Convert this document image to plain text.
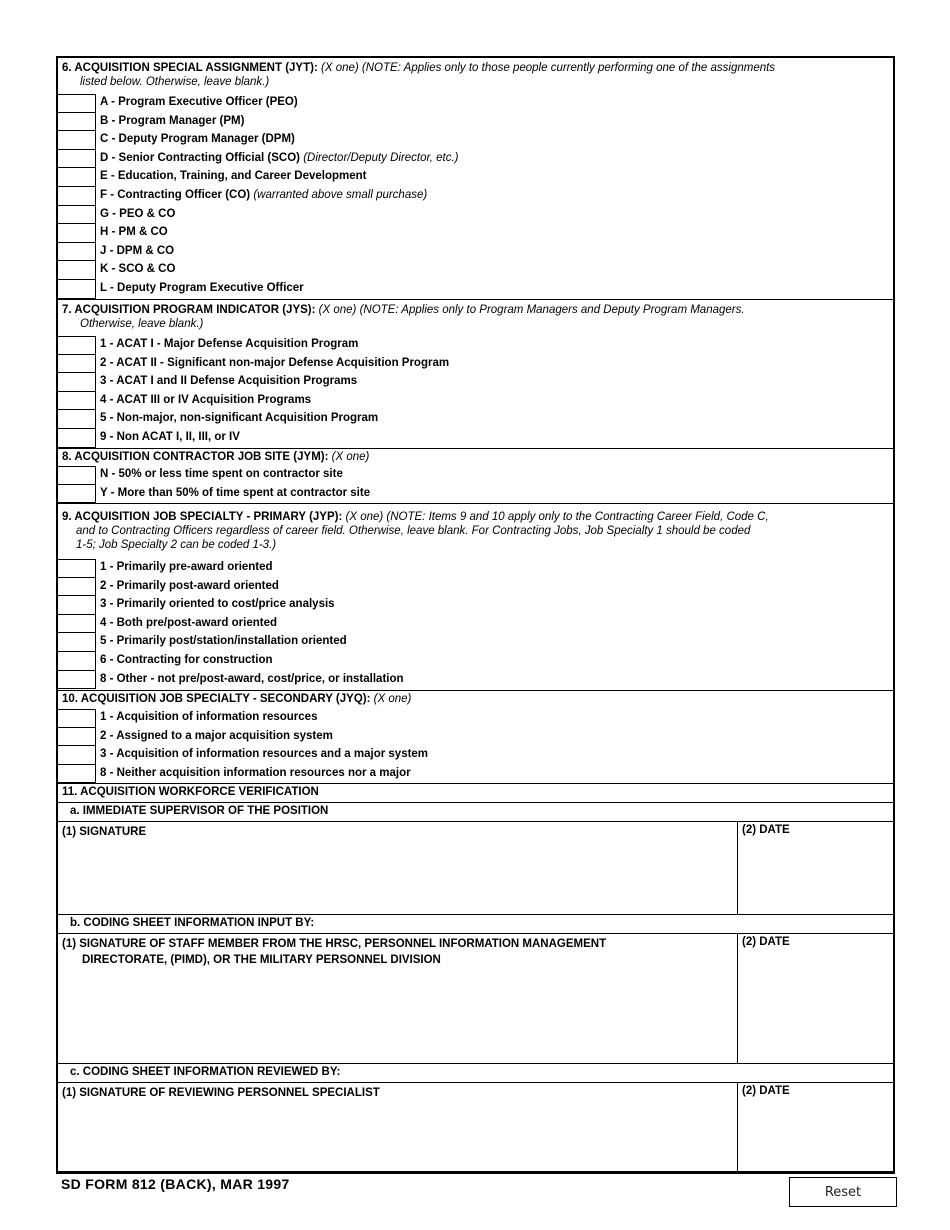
6. ACQUISITION SPECIAL ASSIGNMENT (JYT): (X one) (NOTE: Applies only to those people currently performing one of the assignments
listed below. Otherwise, leave blank.)
A - Program Executive Officer (PEO)
B - Program Manager (PM)
C - Deputy Program Manager (DPM)
D - Senior Contracting Official (SCO) (Director/Deputy Director, etc.)
E - Education, Training, and Career Development
F - Contracting Officer (CO) (warranted above small purchase)
G - PEO & CO
H - PM & CO
J - DPM & CO
K - SCO & CO
L - Deputy Program Executive Officer
7. ACQUISITION PROGRAM INDICATOR (JYS): (X one) (NOTE: Applies only to Program Managers and Deputy Program Managers.
Otherwise, leave blank.)
1 - ACAT I - Major Defense Acquisition Program
2 - ACAT II - Significant non-major Defense Acquisition Program
3 - ACAT I and II Defense Acquisition Programs
4 - ACAT III or IV Acquisition Programs
5 - Non-major, non-significant Acquisition Program
9 - Non ACAT I, II, III, or IV
8. ACQUISITION CONTRACTOR JOB SITE (JYM): (X one)
N - 50% or less time spent on contractor site
Y - More than 50% of time spent at contractor site
9. ACQUISITION JOB SPECIALTY - PRIMARY (JYP): (X one) (NOTE: Items 9 and 10 apply only to the Contracting Career Field, Code C,
and to Contracting Officers regardless of career field. Otherwise, leave blank. For Contracting Jobs, Job Specialty 1 should be coded
1-5; Job Specialty 2 can be coded 1-3.)
1 - Primarily pre-award oriented
2 - Primarily post-award oriented
3 - Primarily oriented to cost/price analysis
4 - Both pre/post-award oriented
5 - Primarily post/station/installation oriented
6 - Contracting for construction
8 - Other - not pre/post-award, cost/price, or installation
10. ACQUISITION JOB SPECIALTY - SECONDARY (JYQ): (X one)
1 - Acquisition of information resources
2 - Assigned to a major acquisition system
3 - Acquisition of information resources and a major system
8 - Neither acquisition information resources nor a major
11. ACQUISITION WORKFORCE VERIFICATION
a. IMMEDIATE SUPERVISOR OF THE POSITION
(1) SIGNATURE	(2) DATE
b. CODING SHEET INFORMATION INPUT BY:
(1) SIGNATURE OF STAFF MEMBER FROM THE HRSC, PERSONNEL INFORMATION MANAGEMENT
DIRECTORATE, (PIMD), OR THE MILITARY PERSONNEL DIVISION
(2) DATE
c. CODING SHEET INFORMATION REVIEWED BY:
(1) SIGNATURE OF REVIEWING PERSONNEL SPECIALIST	(2) DATE
SD FORM 812 (BACK), MAR 1997	Reset
